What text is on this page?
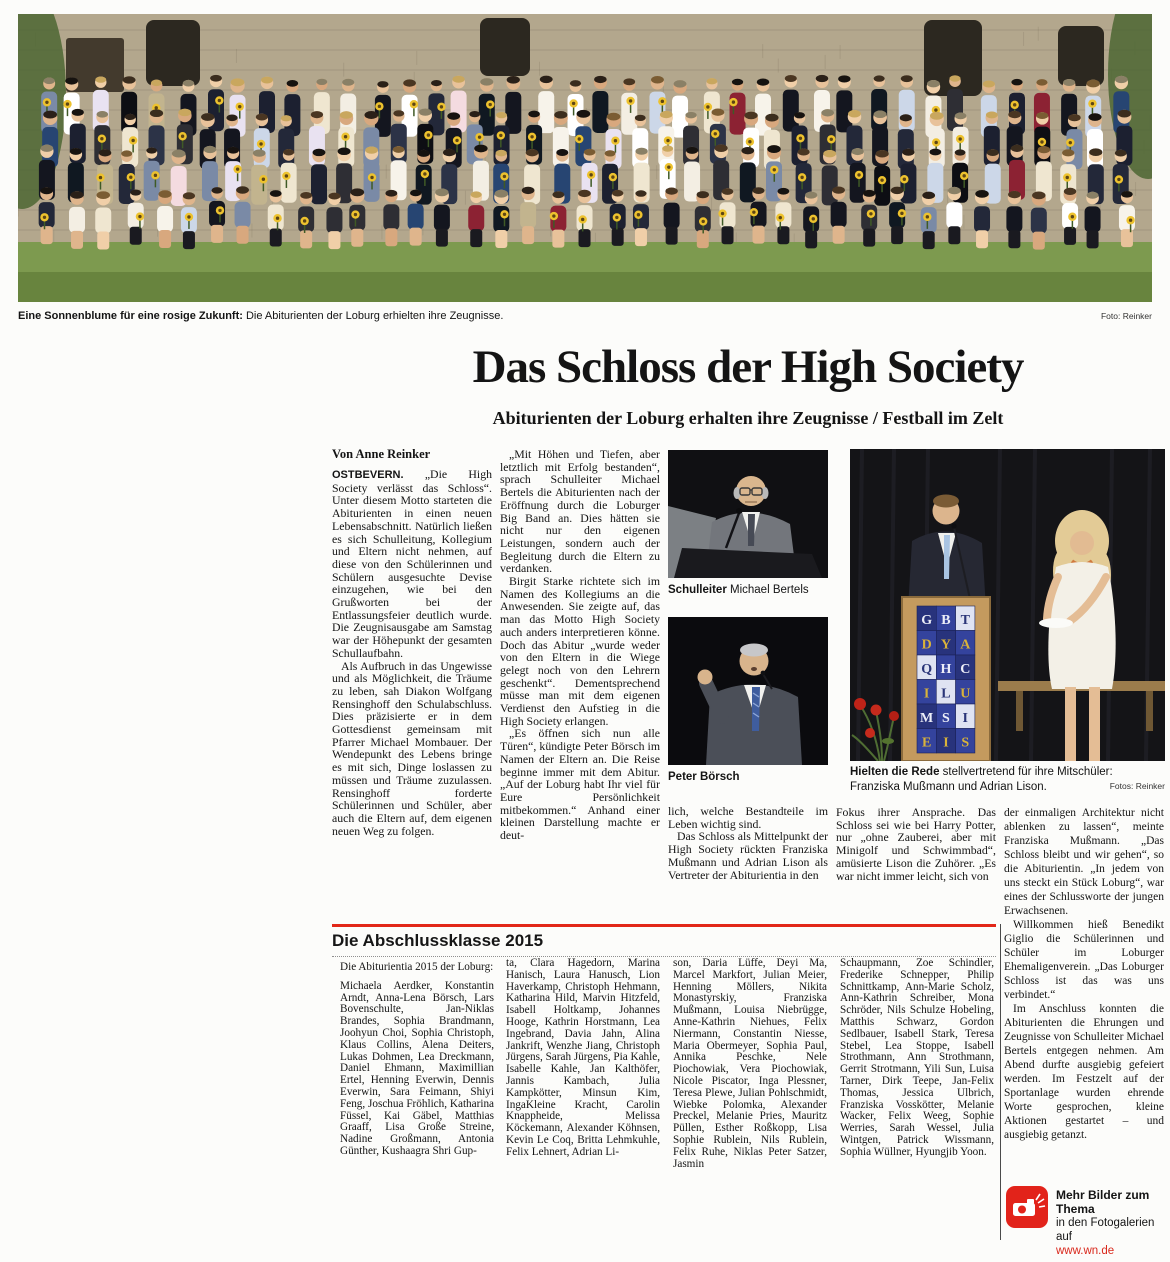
Eine Sonnenblume für eine rosige Zukunft: Die Abiturienten der Loburg erhielten ihre Zeugnisse.	Foto: Reinker
Das Schloss der High Society
Abiturienten der Loburg erhalten ihre Zeugnisse / Festball im Zelt
Von Anne Reinker

OSTBEVERN. „Die High Society verlässt das Schloss“. Unter diesem Motto starteten die Abiturienten in einen neuen Lebensabschnitt. Natürlich ließen es sich Schulleitung, Kollegium und Eltern nicht nehmen, auf diese von den Schülerinnen und Schülern ausgesuchte Devise einzugehen, wie bei den Grußworten bei der Entlassungsfeier deutlich wurde. Die Zeugnisausgabe am Samstag war der Höhepunkt der gesamten Schullaufbahn.

Als Aufbruch in das Ungewisse und als Möglichkeit, die Träume zu leben, sah Diakon Wolfgang Rensinghoff den Schulabschluss. Dies präzisierte er in dem Gottesdienst gemeinsam mit Pfarrer Michael Mombauer. Der Wendepunkt des Lebens bringe es mit sich, Dinge loslassen zu müssen und Träume zuzulassen. Rensinghoff forderte Schülerinnen und Schüler, aber auch die Eltern auf, dem eigenen neuen Weg zu folgen.

„Mit Höhen und Tiefen, aber letztlich mit Erfolg bestanden“, sprach Schulleiter Michael Bertels die Abiturienten nach der Eröffnung durch die Loburger Big Band an. Dies hätten sie nicht nur den eigenen Leistungen, sondern auch der Begleitung durch die Eltern zu verdanken.

Birgit Starke richtete sich im Namen des Kollegiums an die Anwesenden. Sie zeigte auf, das man das Motto High Society auch anders interpretieren könne. Doch das Abitur „wurde weder von den Eltern in die Wiege gelegt noch von den Lehrern geschenkt“. Dementsprechend müsse man mit dem eigenen Verdienst den Aufstieg in die High Society erlangen.

„Es öffnen sich nun alle Türen“, kündigte Peter Börsch im Namen der Eltern an. Die Reise beginne immer mit dem Abitur. „Auf der Loburg habt Ihr viel für Eure Persönlichkeit mitbekommen.“ Anhand einer kleinen Darstellung machte er deut-

Schulleiter Michael Bertels
Peter Börsch

lich, welche Bestandteile im Leben wichtig sind.

Das Schloss als Mittelpunkt der High Society rückten Franziska Mußmann und Adrian Lison als Vertreter der Abiturientia in den

G B T
D Y A
Q H C
I L U
M S I
E I S
Hielten die Rede stellvertretend für ihre Mitschüler: Franziska Mußmann und Adrian Lison.	Fotos: Reinker

Fokus ihrer Ansprache. Das Schloss sei wie bei Harry Potter, nur „ohne Zauberei, aber mit Minigolf und Schwimmbad“, amüsierte Lison die Zuhörer. „Es war nicht immer leicht, sich von

der einmaligen Architektur nicht ablenken zu lassen“, meinte Franziska Mußmann. „Das Schloss bleibt und wir gehen“, so die Abiturientin. „In jedem von uns steckt ein Stück Loburg“, war eines der Schlussworte der jungen Erwachsenen.

Willkommen hieß Benedikt Giglio die Schülerinnen und Schüler im Loburger Ehemaligenverein. „Das Loburger Schloss ist das was uns verbindet.“

Im Anschluss konnten die Abiturienten die Ehrungen und Zeugnisse von Schulleiter Michael Bertels entgegen nehmen. Am Abend durfte ausgiebig gefeiert werden. Im Festzelt auf der Sportanlage wurden ehrende Worte gesprochen, kleine Aktionen gestartet – und ausgiebig getanzt.

Die Abschlussklasse 2015

Die Abiturientia 2015 der Loburg:

Michaela Aerdker, Konstantin Arndt, Anna-Lena Börsch, Lars Bovenschulte, Jan-Niklas Brandes, Sophia Brandmann, Joohyun Choi, Sophia Christoph, Klaus Collins, Alena Deiters, Lukas Dohmen, Lea Dreckmann, Daniel Ehmann, Maximillian Ertel, Henning Everwin, Dennis Everwin, Sara Feimann, Shiyi Feng, Joschua Fröhlich, Katharina Füssel, Kai Gäbel, Matthias Graaff, Lisa Große Streine, Nadine Großmann, Antonia Günther, Kushaagra Shri Gup-

ta, Clara Hagedorn, Marina Hanisch, Laura Hanusch, Lion Haverkamp, Christoph Hehmann, Katharina Hild, Marvin Hitzfeld, Isabell Holtkamp, Johannes Hooge, Kathrin Horstmann, Lea Ingebrand, Davia Jahn, Alina Jankrift, Wenzhe Jiang, Christoph Jürgens, Sarah Jürgens, Pia Kahle, Isabelle Kahle, Jan Kalthöfer, Jannis Kambach, Julia Kampkötter, Minsun Kim, IngaKleine Kracht, Carolin Knappheide, Melissa Köckemann, Alexander Köhnsen, Kevin Le Coq, Britta Lehmkuhle, Felix Lehnert, Adrian Li-

son, Daria Lüffe, Deyi Ma, Marcel Markfort, Julian Meier, Henning Möllers, Nikita Monastyrskiy, Franziska Mußmann, Louisa Niebrügge, Anne-Kathrin Niehues, Felix Niermann, Constantin Niesse, Maria Obermeyer, Sophia Paul, Annika Peschke, Nele Piochowiak, Vera Piochowiak, Nicole Piscator, Inga Plessner, Teresa Plewe, Julian Pohlschmidt, Wiebke Polomka, Alexander Preckel, Melanie Pries, Mauritz Püllen, Esther Roßkopp, Lisa Sophie Rublein, Nils Rublein, Felix Ruhe, Niklas Peter Satzer, Jasmin

Schaupmann, Zoe Schindler, Frederike Schnepper, Philip Schnittkamp, Ann-Marie Scholz, Ann-Kathrin Schreiber, Mona Schröder, Nils Schulze Hobeling, Matthis Schwarz, Gordon Sedlbauer, Isabell Stark, Teresa Stebel, Lea Stoppe, Isabell Strothmann, Ann Strothmann, Gerrit Strotmann, Yili Sun, Luisa Tarner, Dirk Teepe, Jan-Felix Thomas, Jessica Ulbrich, Franziska Vosskötter, Melanie Wacker, Felix Weeg, Sophie Werries, Sarah Wessel, Julia Wintgen, Patrick Wissmann, Sophia Wüllner, Hyungjib Yoon.

Mehr Bilder zum Thema
in den Fotogalerien auf
www.wn.de
